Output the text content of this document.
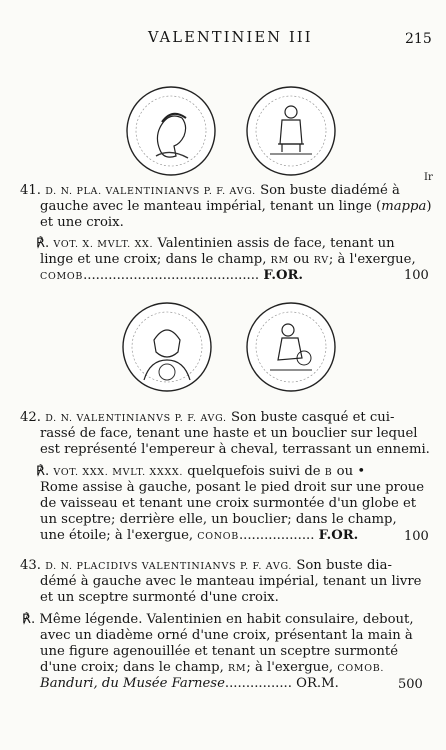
VALENTINIEN III	215
Ir
41. D. N. PLA. VALENTINIANVS P. F. AVG. Son buste diadémé à
gauche avec le manteau impérial, tenant un linge (mappa)
et une croix.
℟. VOT. X. MVLT. XX. Valentinien assis de face, tenant un
linge et une croix; dans le champ, RM ou RV; à l'exergue,
COMOB.......................................... F.OR.	100
42. D. N. VALENTINIANVS P. F. AVG. Son buste casqué et cui-
rassé de face, tenant une haste et un bouclier sur lequel
est représenté l'empereur à cheval, terrassant un ennemi.
℟. VOT. XXX. MVLT. XXXX. quelquefois suivi de B ou •
Rome assise à gauche, posant le pied droit sur une proue
de vaisseau et tenant une croix surmontée d'un globe et
un sceptre; derrière elle, un bouclier; dans le champ,
une étoile; à l'exergue, CONOB.................. F.OR.	100
43. D. N. PLACIDIVS VALENTINIANVS P. F. AVG. Son buste dia-
démé à gauche avec le manteau impérial, tenant un livre
et un sceptre surmonté d'une croix.
℟. Même légende. Valentinien en habit consulaire, debout,
avec un diadème orné d'une croix, présentant la main à
une figure agenouillée et tenant un sceptre surmonté
d'une croix; dans le champ, RM; à l'exergue, COMOB.
Banduri, du Musée Farnese................ OR.M.	500
